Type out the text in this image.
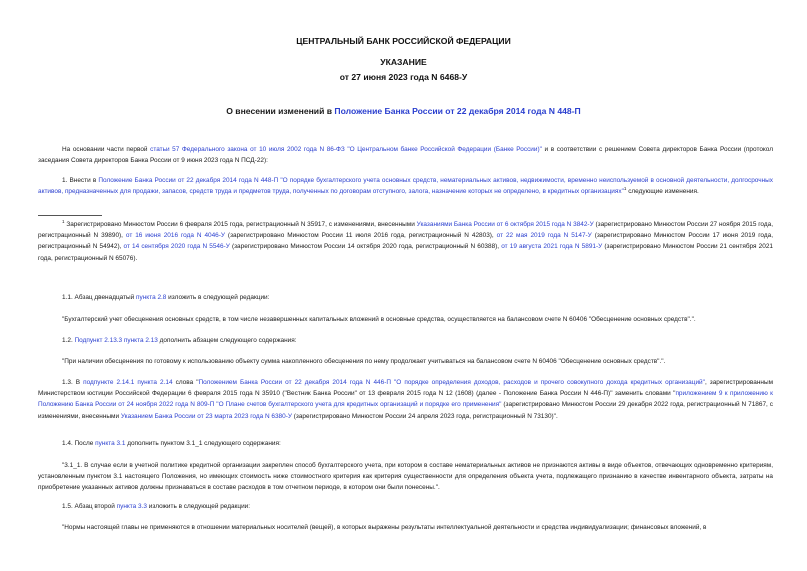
ЦЕНТРАЛЬНЫЙ БАНК РОССИЙСКОЙ ФЕДЕРАЦИИ
УКАЗАНИЕ
от 27 июня 2023 года N 6468-У
О внесении изменений в Положение Банка России от 22 декабря 2014 года N 448-П
На основании части первой статьи 57 Федерального закона от 10 июля 2002 года N 86-ФЗ "О Центральном банке Российской Федерации (Банке России)" и в соответствии с решением Совета директоров Банка России (протокол заседания Совета директоров Банка России от 9 июня 2023 года N ПСД-22):
1. Внести в Положение Банка России от 22 декабря 2014 года N 448-П "О порядке бухгалтерского учета основных средств, нематериальных активов, недвижимости, временно неиспользуемой в основной деятельности, долгосрочных активов, предназначенных для продажи, запасов, средств труда и предметов труда, полученных по договорам отступного, залога, назначение которых не определено, в кредитных организациях"$^1$ следующие изменения.
$^1$ Зарегистрировано Минюстом России 6 февраля 2015 года, регистрационный N 35917, с изменениями, внесенными Указаниями Банка России от 6 октября 2015 года N 3842-У (зарегистрировано Минюстом России 27 ноября 2015 года, регистрационный N 39890), от 16 июня 2016 года N 4046-У (зарегистрировано Минюстом России 11 июля 2016 года, регистрационный N 42803), от 22 мая 2019 года N 5147-У (зарегистрировано Минюстом России 17 июня 2019 года, регистрационный N 54942), от 14 сентября 2020 года N 5546-У (зарегистрировано Минюстом России 14 октября 2020 года, регистрационный N 60388), от 19 августа 2021 года N 5891-У (зарегистрировано Минюстом России 21 сентября 2021 года, регистрационный N 65076).
1.1. Абзац двенадцатый пункта 2.8 изложить в следующей редакции:
"Бухгалтерский учет обесценения основных средств, в том числе незавершенных капитальных вложений в основные средства, осуществляется на балансовом счете N 60406 "Обесценение основных средств".".
1.2. Подпункт 2.13.3 пункта 2.13 дополнить абзацем следующего содержания:
"При наличии обесценения по готовому к использованию объекту сумма накопленного обесценения по нему продолжает учитываться на балансовом счете N 60406 "Обесценение основных средств".".
1.3. В подпункте 2.14.1 пункта 2.14 слова "Положением Банка России от 22 декабря 2014 года N 446-П "О порядке определения доходов, расходов и прочего совокупного дохода кредитных организаций", зарегистрированным Министерством юстиции Российской Федерации 6 февраля 2015 года N 35910 ("Вестник Банка России" от 13 февраля 2015 года N 12 (1608) (далее - Положение Банка России N 446-П)" заменить словами "приложением 9 к приложению к Положению Банка России от 24 ноября 2022 года N 809-П "О Плане счетов бухгалтерского учета для кредитных организаций и порядке его применения" (зарегистрировано Минюстом России 29 декабря 2022 года, регистрационный N 71867, с изменениями, внесенными Указанием Банка России от 23 марта 2023 года N 6380-У (зарегистрировано Минюстом России 24 апреля 2023 года, регистрационный N 73130)".
1.4. После пункта 3.1 дополнить пунктом 3.1_1 следующего содержания:
"3.1_1. В случае если в учетной политике кредитной организации закреплен способ бухгалтерского учета, при котором в составе нематериальных активов не признаются активы в виде объектов, отвечающих одновременно критериям, установленным пунктом 3.1 настоящего Положения, но имеющих стоимость ниже стоимостного критерия как критерия существенности для определения объекта учета, подлежащего признанию в качестве инвентарного объекта, затраты на приобретение указанных активов должны признаваться в составе расходов в том отчетном периоде, в котором они были понесены.".
1.5. Абзац второй пункта 3.3 изложить в следующей редакции:
"Нормы настоящей главы не применяются в отношении материальных носителей (вещей), в которых выражены результаты интеллектуальной деятельности и средства индивидуализации; финансовых вложений, в
